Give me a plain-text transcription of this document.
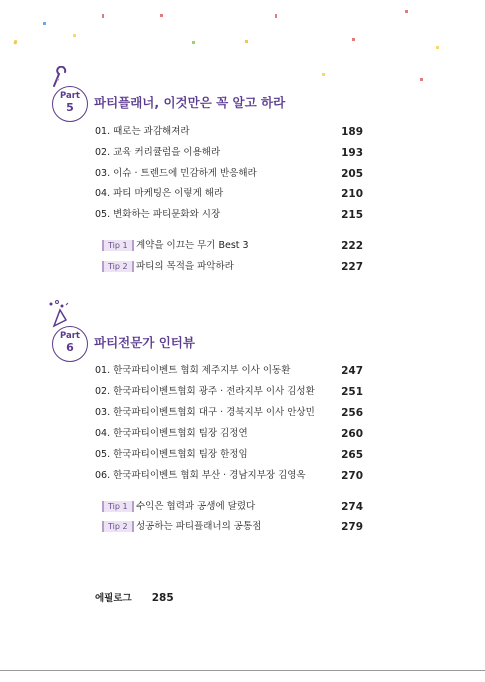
Part
5	파티플래너, 이것만은 꼭 알고 하라
01. 때로는 과감해져라	189
02. 교육 커리큘럼을 이용해라	193
03. 이슈 · 트렌드에 민감하게 반응해라	205
04. 파티 마케팅은 이렇게 해라	210
05. 변화하는 파티문화와 시장	215
Tip 1 계약을 이끄는 무기 Best 3	222
Tip 2 파티의 목적을 파악하라	227
Part
6	파티전문가 인터뷰
01. 한국파티이벤트 협회 제주지부 이사 이동환	247
02. 한국파티이벤트협회 광주 · 전라지부 이사 김성환	251
03. 한국파티이벤트협회 대구 · 경북지부 이사 안상민	256
04. 한국파티이벤트협회 팀장 김정연	260
05. 한국파티이벤트협회 팀장 한정임	265
06. 한국파티이벤트 협회 부산 · 경남지부장 김영옥	270
Tip 1 수익은 협력과 공생에 달렸다	274
Tip 2 성공하는 파티플래너의 공통점	279
에필로그 285
